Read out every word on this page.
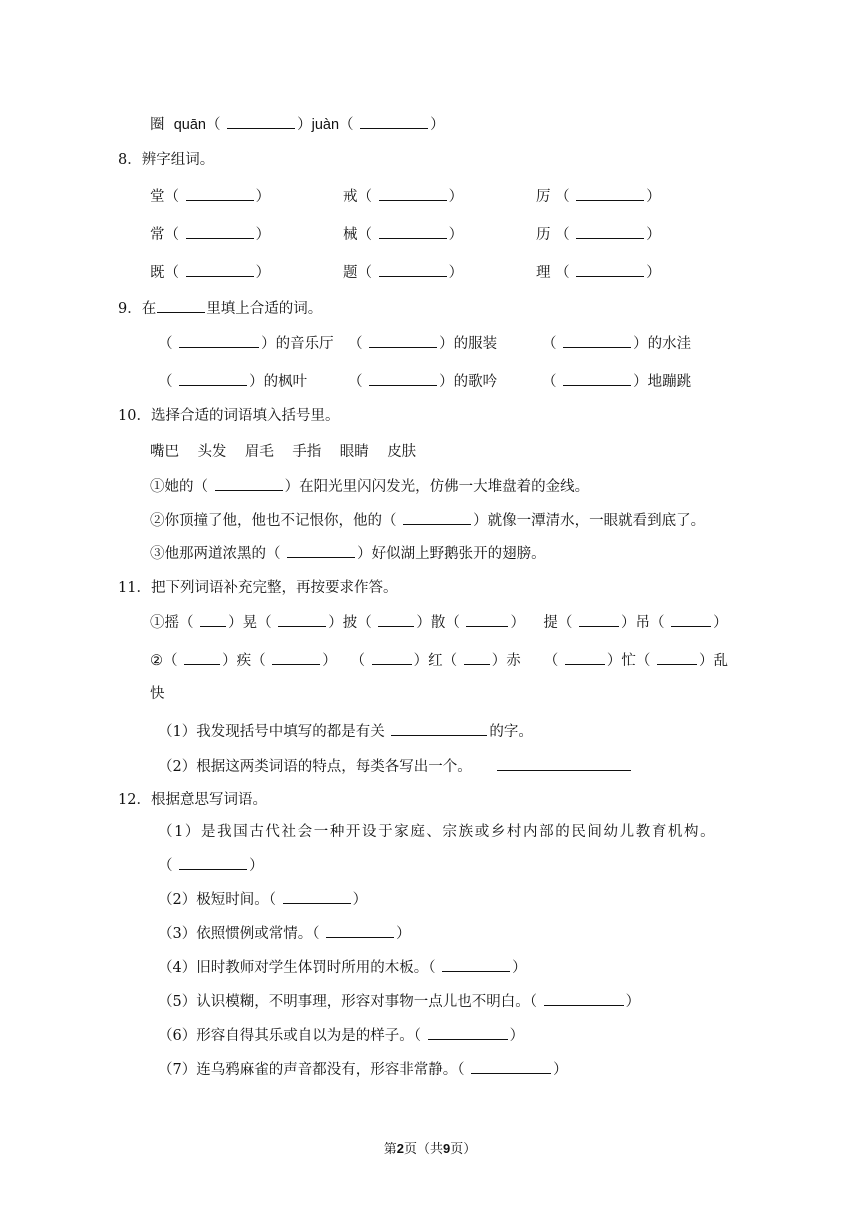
圈 quān（	）juàn（	）
8．辨字组词。
堂（	）	戒（	）	厉 （	）
常（	）	械（	）	历 （	）
既（	）	题（	）	理 （	）
9．在	里填上合适的词。
（	）的音乐厅 （	）的服装	（	）的水洼
（	）的枫叶	（	）的歌吟	（	）地蹦跳
10．选择合适的词语填入括号里。
嘴巴 头发 眉毛 手指 眼睛 皮肤
①她的（	）在阳光里闪闪发光，仿佛一大堆盘着的金线。
②你顶撞了他，他也不记恨你，他的（	）就像一潭清水，一眼就看到底了。
③他那两道浓黑的（	）好似湖上野鹅张开的翅膀。
11．把下列词语补充完整，再按要求作答。
①摇（ ）晃（	）披（	）散（	）    提（	）吊（	）
②（	）疾（	）   （	）红（ ）赤     （	）忙（	）乱
快
（1）我发现括号中填写的都是有关	的字。
（2）根据这两类词语的特点，每类各写出一个。
12．根据意思写词语。
（1）是我国古代社会一种开设于家庭、宗族或乡村内部的民间幼儿教育机构。
（	）
（2）极短时间。（	）
（3）依照惯例或常情。（	）
（4）旧时教师对学生体罚时所用的木板。（	）
（5）认识模糊，不明事理，形容对事物一点儿也不明白。（	）
（6）形容自得其乐或自以为是的样子。（	）
（7）连乌鸦麻雀的声音都没有，形容非常静。（	）
第2页（共9页）
